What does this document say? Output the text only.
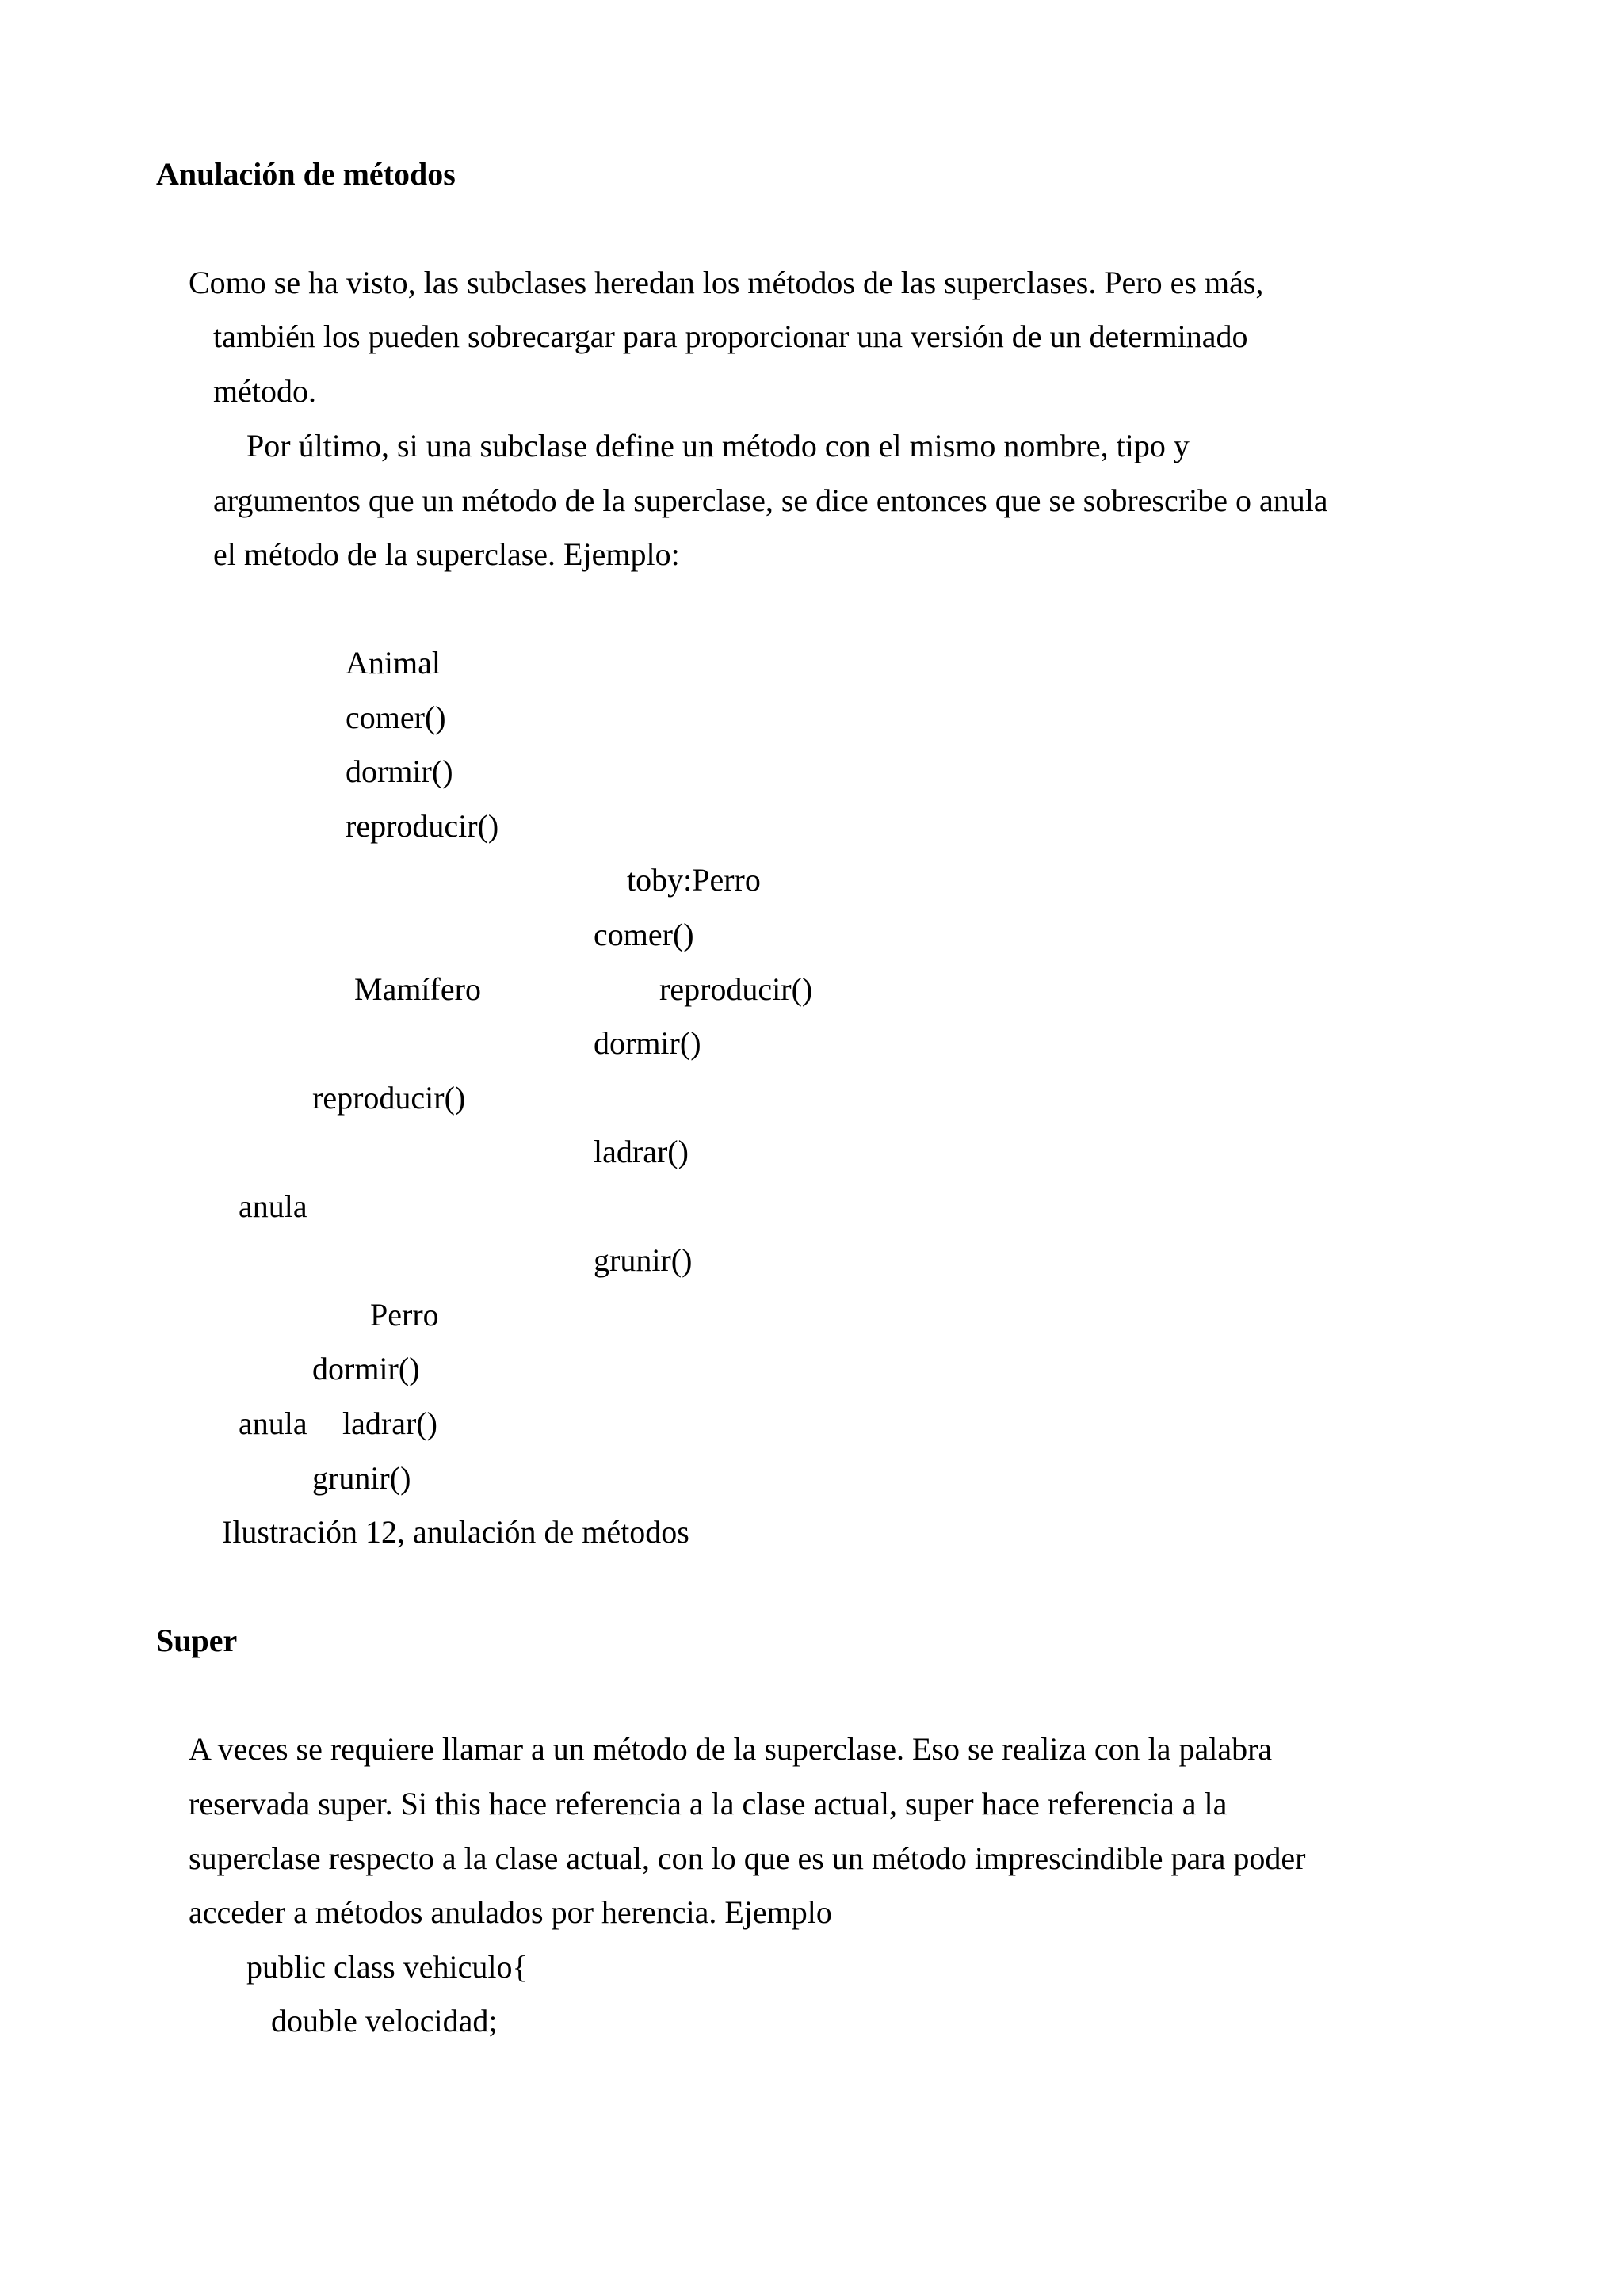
Anulación de métodos
Como se ha visto, las subclases heredan los métodos de las superclases. Pero es más,
también los pueden sobrecargar para proporcionar una versión de un determinado
método.
Por último, si una subclase define un método con el mismo nombre, tipo y
argumentos que un método de la superclase, se dice entonces que se sobrescribe o anula
el método de la superclase. Ejemplo:
Animal
comer()
dormir()
reproducir()
toby:Perro
comer()
reproducir()
dormir()
ladrar()
grunir()
Mamífero
reproducir()
anula
Perro
dormir()
anula ladrar()
grunir()
Ilustración 12, anulación de métodos
Super
A veces se requiere llamar a un método de la superclase. Eso se realiza con la palabra
reservada super. Si this hace referencia a la clase actual, super hace referencia a la
superclase respecto a la clase actual, con lo que es un método imprescindible para poder
acceder a métodos anulados por herencia. Ejemplo
public class vehiculo{
double velocidad;
